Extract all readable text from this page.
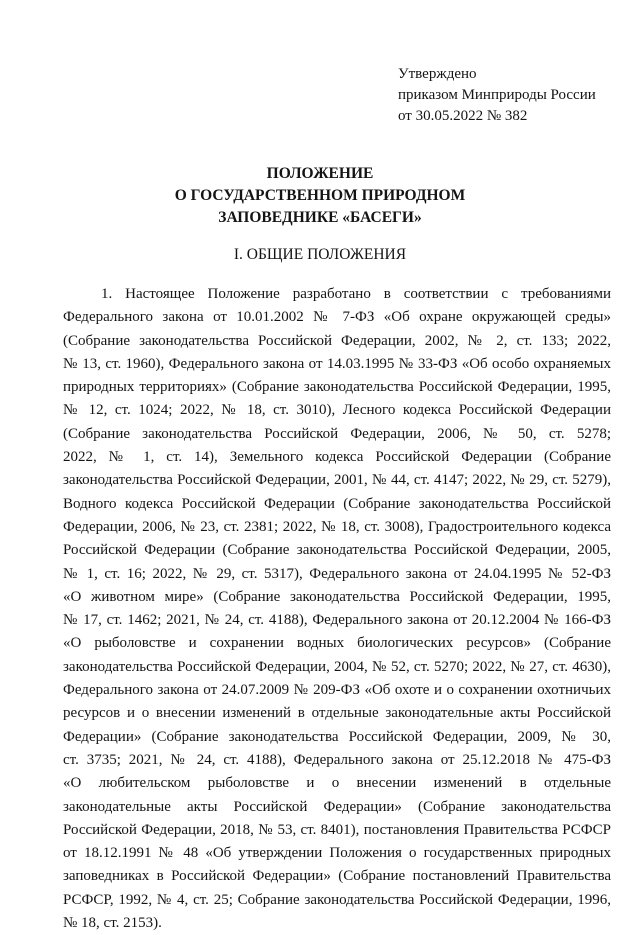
Утверждено
приказом Минприроды России
от 30.05.2022 № 382
ПОЛОЖЕНИЕ
О ГОСУДАРСТВЕННОМ ПРИРОДНОМ
ЗАПОВЕДНИКЕ «БАСЕГИ»
I. ОБЩИЕ ПОЛОЖЕНИЯ
1. Настоящее Положение разработано в соответствии с требованиями
Федерального закона от 10.01.2002 № 7-ФЗ «Об охране окружающей среды»
(Собрание законодательства Российской Федерации, 2002, № 2, ст. 133; 2022,
№ 13, ст. 1960), Федерального закона от 14.03.1995 № 33-ФЗ «Об особо охраняемых
природных территориях» (Собрание законодательства Российской Федерации, 1995,
№ 12, ст. 1024; 2022, № 18, ст. 3010), Лесного кодекса Российской Федерации
(Собрание законодательства Российской Федерации, 2006, № 50, ст. 5278;
2022, № 1, ст. 14), Земельного кодекса Российской Федерации (Собрание
законодательства Российской Федерации, 2001, № 44, ст. 4147; 2022, № 29, ст. 5279),
Водного кодекса Российской Федерации (Собрание законодательства Российской
Федерации, 2006, № 23, ст. 2381; 2022, № 18, ст. 3008), Градостроительного кодекса
Российской Федерации (Собрание законодательства Российской Федерации, 2005,
№ 1, ст. 16; 2022, № 29, ст. 5317), Федерального закона от 24.04.1995 № 52-ФЗ
«О животном мире» (Собрание законодательства Российской Федерации, 1995,
№ 17, ст. 1462; 2021, № 24, ст. 4188), Федерального закона от 20.12.2004 № 166-ФЗ
«О рыболовстве и сохранении водных биологических ресурсов» (Собрание
законодательства Российской Федерации, 2004, № 52, ст. 5270; 2022, № 27, ст. 4630),
Федерального закона от 24.07.2009 № 209-ФЗ «Об охоте и о сохранении охотничьих
ресурсов и о внесении изменений в отдельные законодательные акты Российской
Федерации» (Собрание законодательства Российской Федерации, 2009, № 30,
ст. 3735; 2021, № 24, ст. 4188), Федерального закона от 25.12.2018 № 475-ФЗ
«О любительском рыболовстве и о внесении изменений в отдельные
законодательные акты Российской Федерации» (Собрание законодательства
Российской Федерации, 2018, № 53, ст. 8401), постановления Правительства РСФСР
от 18.12.1991 № 48 «Об утверждении Положения о государственных природных
заповедниках в Российской Федерации» (Собрание постановлений Правительства
РСФСР, 1992, № 4, ст. 25; Собрание законодательства Российской Федерации, 1996,
№ 18, ст. 2153).
